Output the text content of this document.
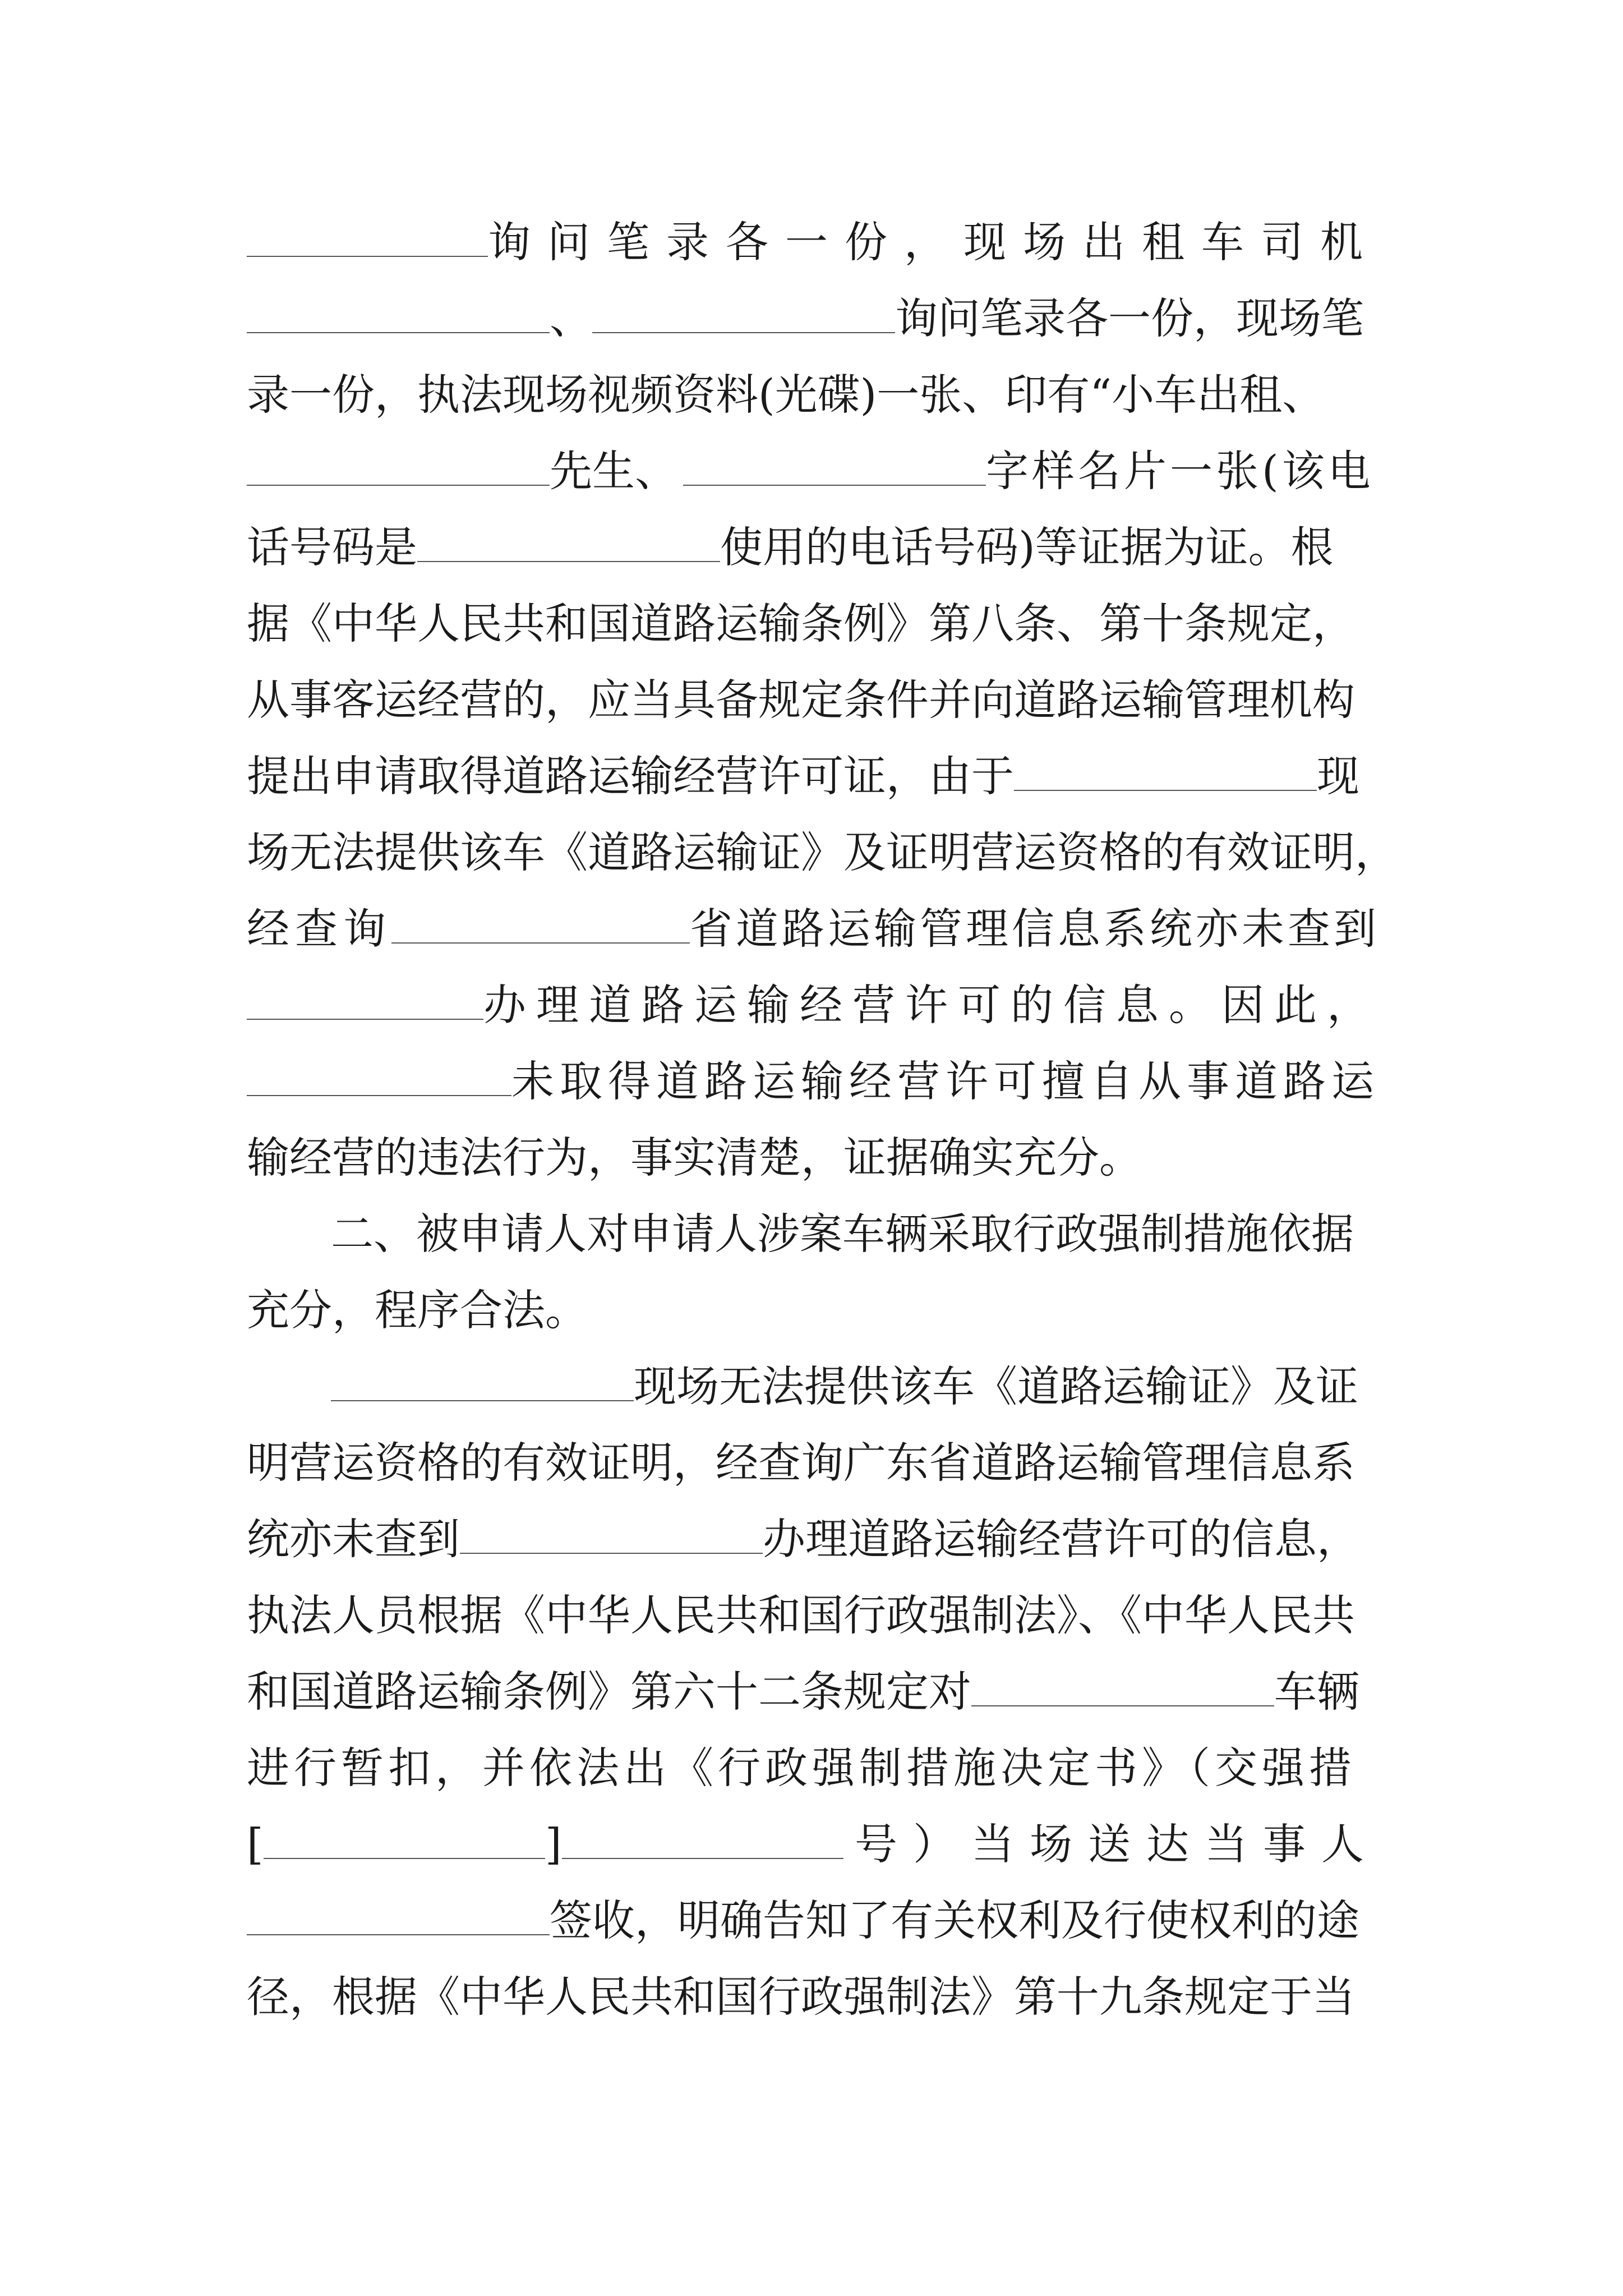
询问笔录各一份，现场出租车司机
、	询问笔录各一份，现场笔
录一份，执法现场视频资料(光碟)一张、印有“小车出租、
先生、	字样名片一张(该电
话号码是	使用的电话号码)等证据为证。根
据《中华人民共和国道路运输条例》第八条、第十条规定，
从事客运经营的，应当具备规定条件并向道路运输管理机构
提出申请取得道路运输经营许可证，由于	现
场无法提供该车《道路运输证》及证明营运资格的有效证明，
经查询	省道路运输管理信息系统亦未查到
办理道路运输经营许可的信息。因此，
未取得道路运输经营许可擅自从事道路运
输经营的违法行为，事实清楚，证据确实充分。
二、被申请人对申请人涉案车辆采取行政强制措施依据
充分，程序合法。
现场无法提供该车《道路运输证》及证
明营运资格的有效证明，经查询广东省道路运输管理信息系
统亦未查到	办理道路运输经营许可的信息，
执法人员根据《中华人民共和国行政强制法》、《中华人民共
和国道路运输条例》第六十二条规定对	车辆
进行暂扣，并依法出《行政强制措施决定书》（交强措
[	]	号）当场送达当事人
签收，明确告知了有关权利及行使权利的途
径，根据《中华人民共和国行政强制法》第十九条规定于当
